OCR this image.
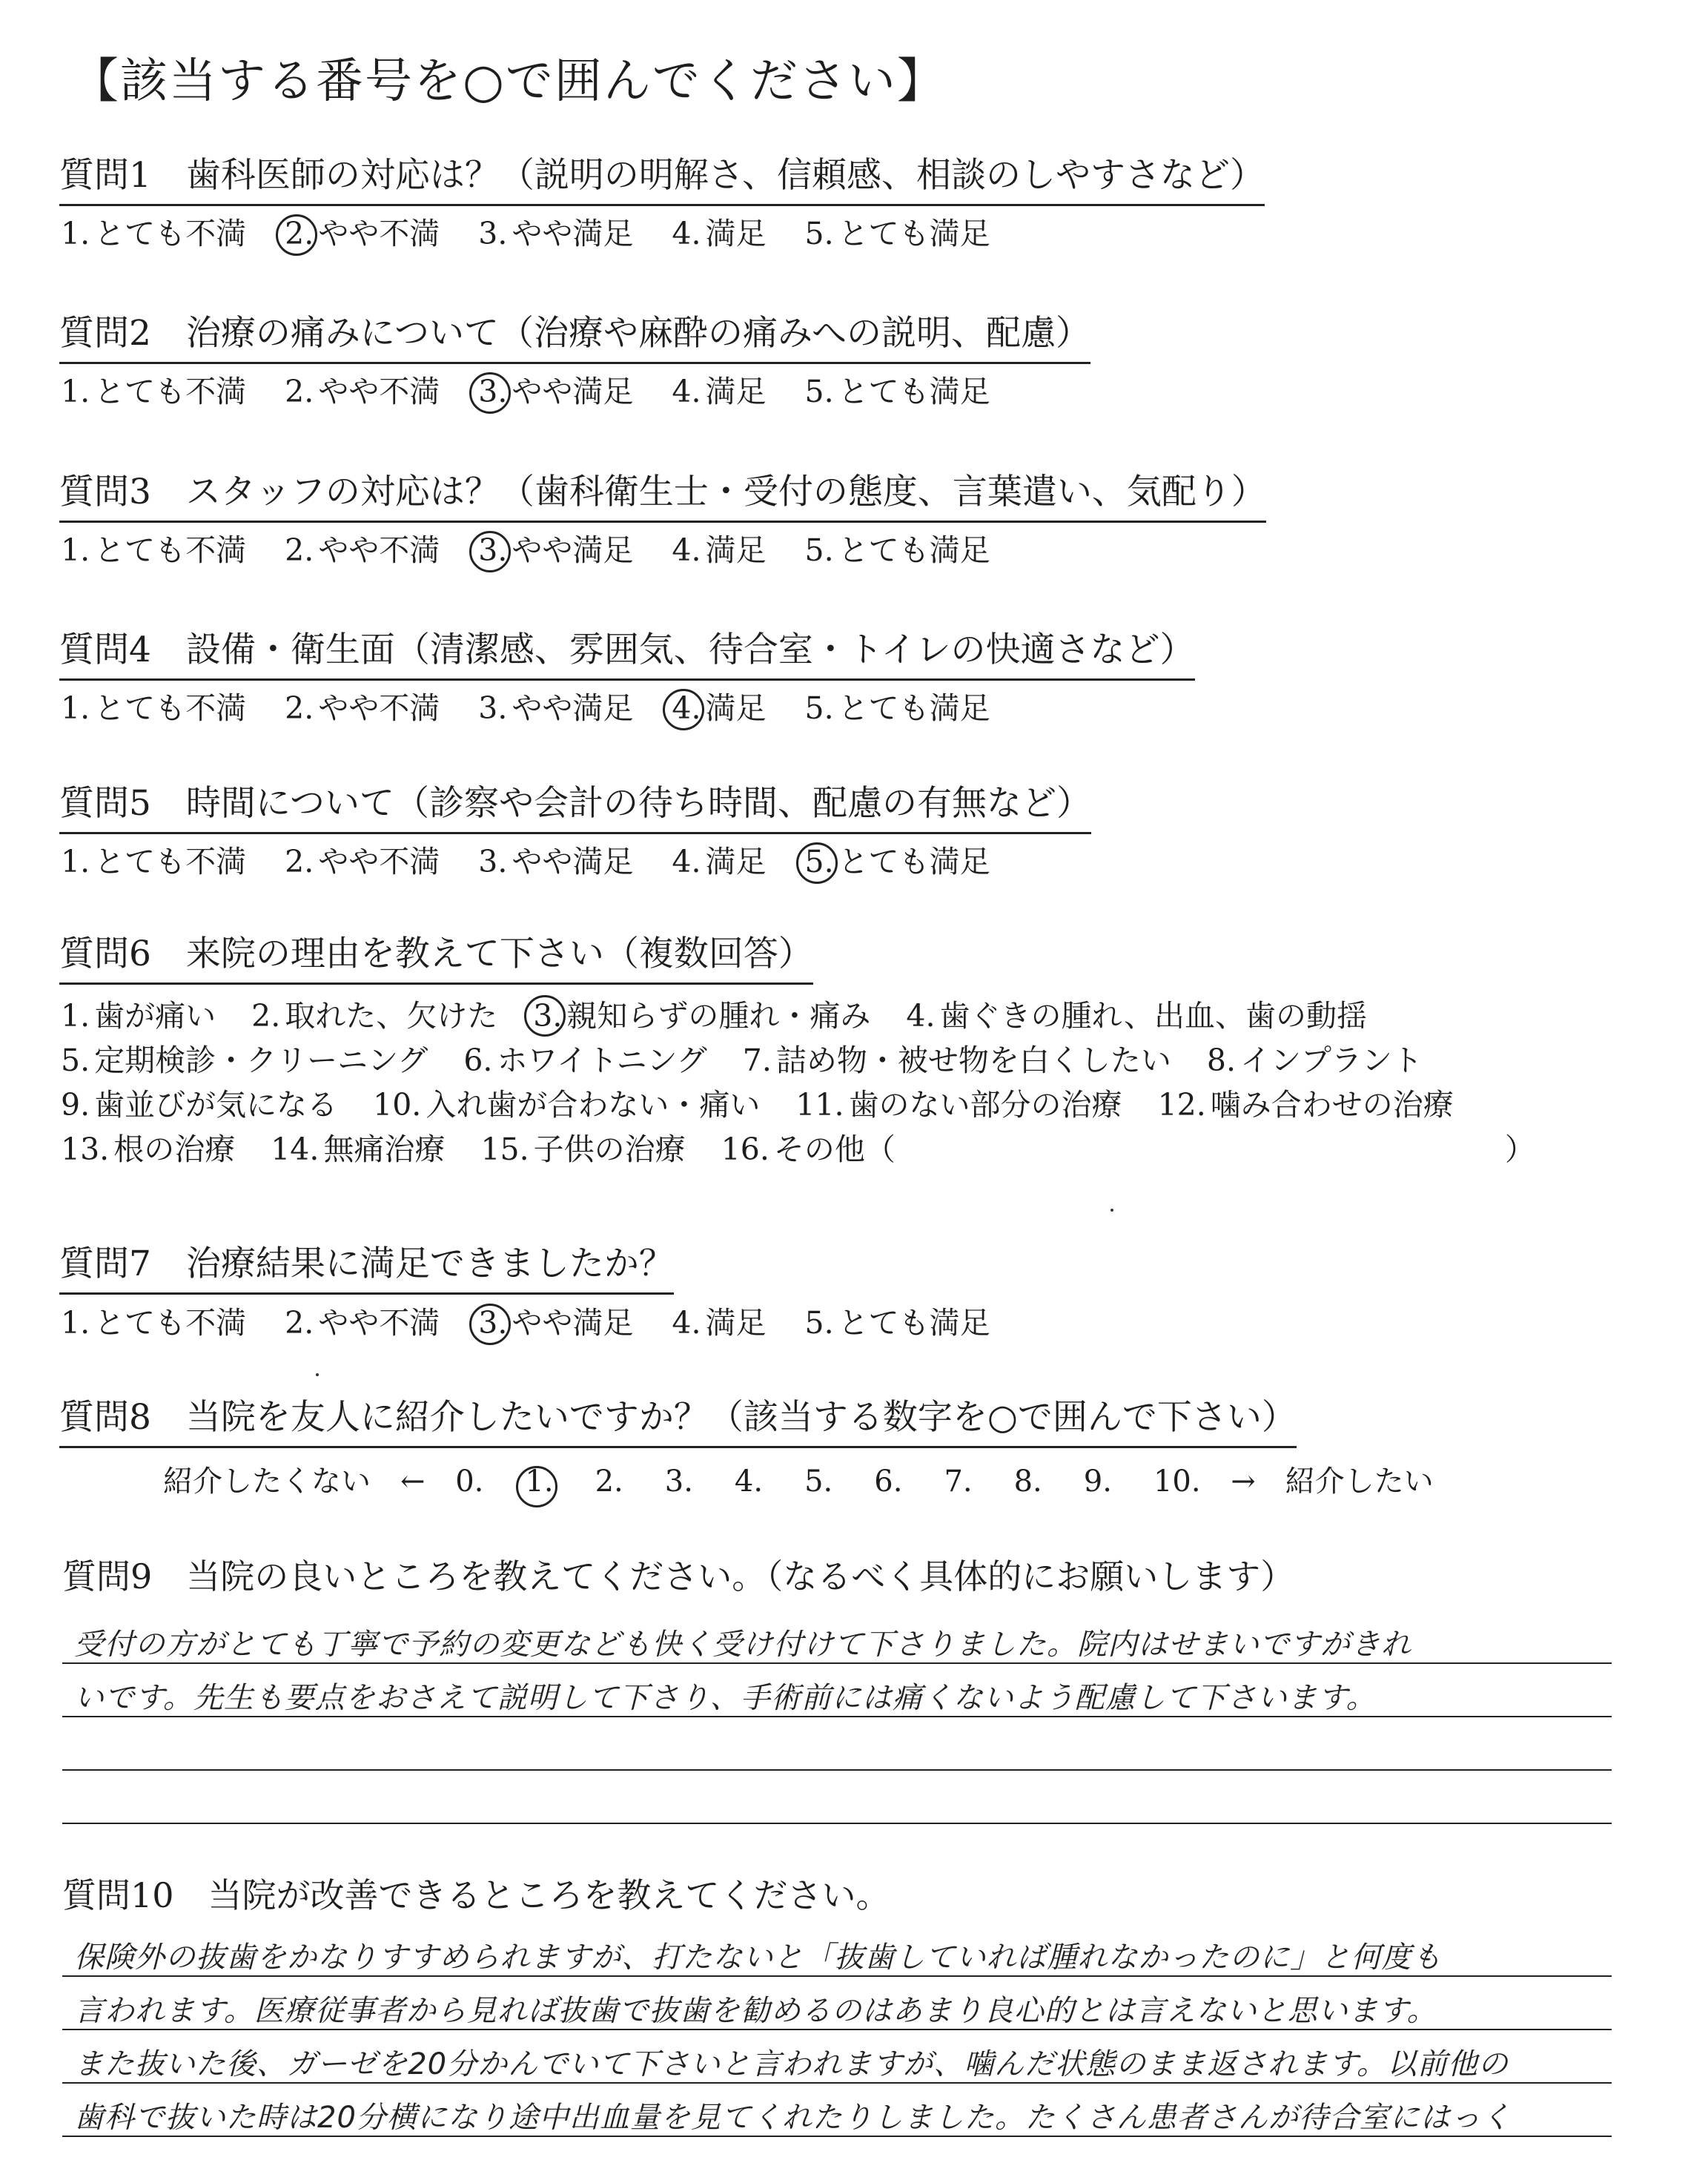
【該当する番号を○で囲んでください】
質問1　歯科医師の対応は？（説明の明解さ、信頼感、相談のしやすさなど）
1. とても不満 2. やや不満 3. やや満足 4. 満足 5. とても満足
質問2　治療の痛みについて（治療や麻酔の痛みへの説明、配慮）
1. とても不満 2. やや不満 3. やや満足 4. 満足 5. とても満足
質問3　スタッフの対応は？（歯科衛生士・受付の態度、言葉遣い、気配り）
1. とても不満 2. やや不満 3. やや満足 4. 満足 5. とても満足
質問4　設備・衛生面（清潔感、雰囲気、待合室・トイレの快適さなど）
1. とても不満 2. やや不満 3. やや満足 4. 満足 5. とても満足
質問5　時間について（診察や会計の待ち時間、配慮の有無など）
1. とても不満 2. やや不満 3. やや満足 4. 満足 5. とても満足
質問6　来院の理由を教えて下さい（複数回答）
1. 歯が痛い 2. 取れた、欠けた 3. 親知らずの腫れ・痛み 4. 歯ぐきの腫れ、出血、歯の動揺
5. 定期検診・クリーニング 6. ホワイトニング 7. 詰め物・被せ物を白くしたい 8. インプラント
9. 歯並びが気になる 10. 入れ歯が合わない・痛い 11. 歯のない部分の治療 12. 噛み合わせの治療
13. 根の治療 14. 無痛治療 15. 子供の治療 16. その他（	）
質問7　治療結果に満足できましたか？
1. とても不満 2. やや不満 3. やや満足 4. 満足 5. とても満足
質問8　当院を友人に紹介したいですか？（該当する数字を○で囲んで下さい）
紹介したくない　← 0. 1. 2. 3. 4. 5. 6. 7. 8. 9. 10. →　紹介したい
質問9　当院の良いところを教えてください。（なるべく具体的にお願いします）
受付の方がとても丁寧で予約の変更なども快く受け付けて下さりました。院内はせまいですがきれ
いです。先生も要点をおさえて説明して下さり、手術前には痛くないよう配慮して下さいます。
質問10　当院が改善できるところを教えてください。
保険外の抜歯をかなりすすめられますが、打たないと「抜歯していれば腫れなかったのに」と何度も
言われます。医療従事者から見れば抜歯で抜歯を勧めるのはあまり良心的とは言えないと思います。
また抜いた後、ガーゼを20分かんでいて下さいと言われますが、噛んだ状態のまま返されます。以前他の
歯科で抜いた時は20分横になり途中出血量を見てくれたりしました。たくさん患者さんが待合室にはっく
